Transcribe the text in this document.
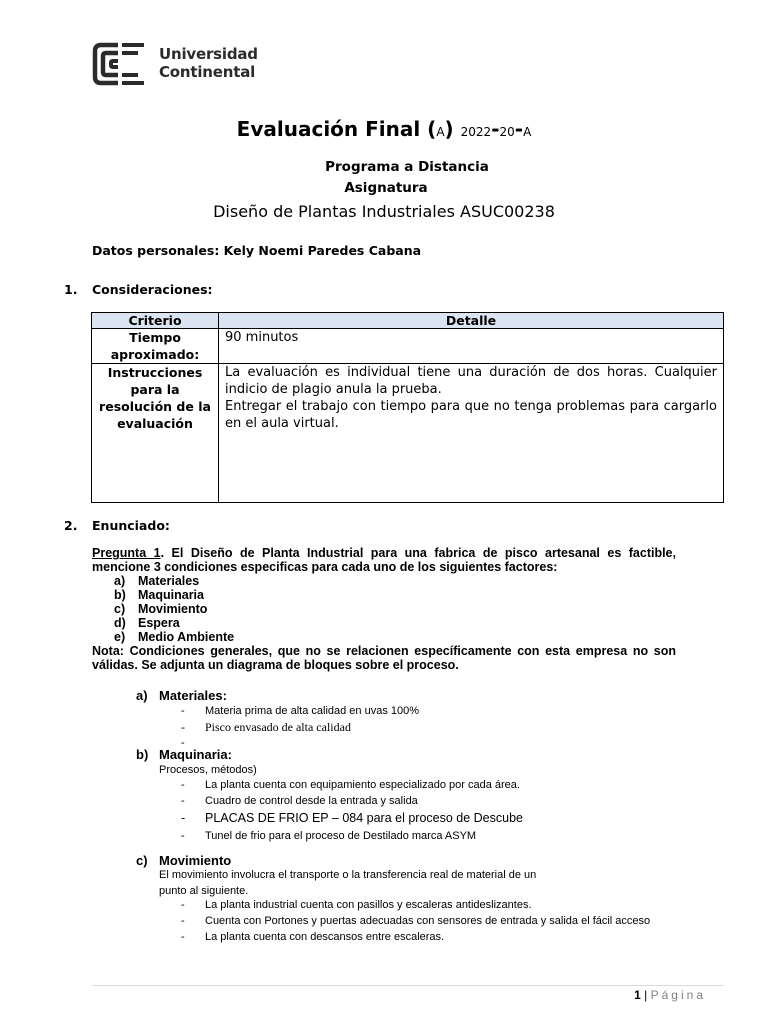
Universidad
Continental
Evaluación Final (A) 2022-20-A
Programa a Distancia
Asignatura
Diseño de Plantas Industriales ASUC00238
Datos personales: Kely Noemi Paredes Cabana
1. Consideraciones:
Criterio	Detalle
Tiempo aproximado:	90 minutos
Instrucciones para la resolución de la evaluación	La evaluación es individual tiene una duración de dos horas. Cualquier indicio de plagio anula la prueba.
Entregar el trabajo con tiempo para que no tenga problemas para cargarlo en el aula virtual.
2. Enunciado:
Pregunta 1. El Diseño de Planta Industrial para una fabrica de pisco artesanal es factible, mencione 3 condiciones especificas para cada uno de los siguientes factores:
a) Materiales
b) Maquinaria
c) Movimiento
d) Espera
e) Medio Ambiente
Nota: Condiciones generales, que no se relacionen específicamente con esta empresa no son válidas. Se adjunta un diagrama de bloques sobre el proceso.
a) Materiales:
- Materia prima de alta calidad en uvas 100%
- Pisco envasado de alta calidad
b) Maquinaria:
Procesos, métodos)
- La planta cuenta con equipamiento especializado por cada área.
- Cuadro de control desde la entrada y salida
- PLACAS DE FRIO EP – 084 para el proceso de Descube
- Tunel de frio para el proceso de Destilado marca ASYM
c) Movimiento
El movimiento involucra el transporte o la transferencia real de material de un
punto al siguiente.
- La planta industrial cuenta con pasillos y escaleras antideslizantes.
- Cuenta con Portones y puertas adecuadas con sensores de entrada y salida el fácil acceso
- La planta cuenta con descansos entre escaleras.
1 | Página
